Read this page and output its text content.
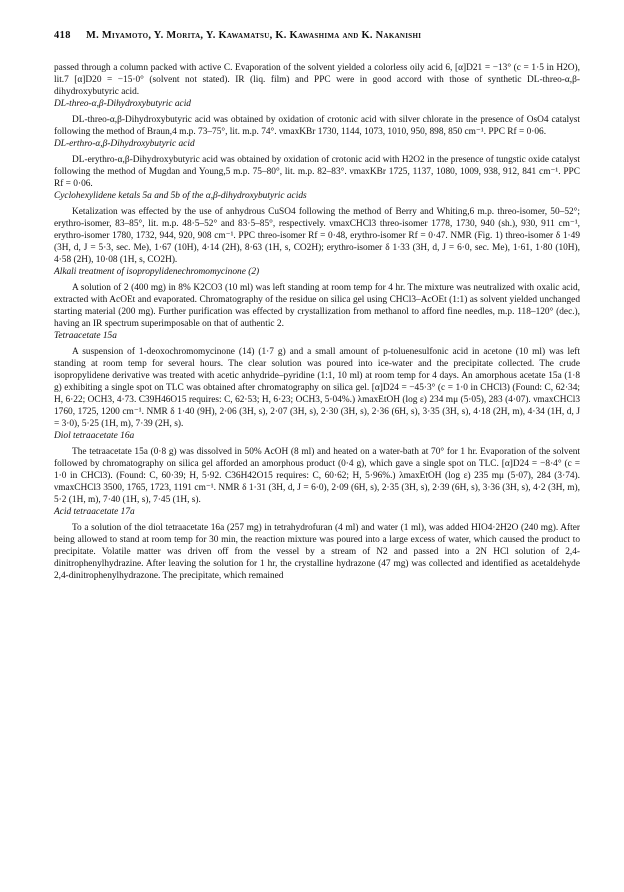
418	M. Miyamoto, Y. Morita, Y. Kawamatsu, K. Kawashima and K. Nakanishi

passed through a column packed with active C. Evaporation of the solvent yielded a colorless oily acid 6, [α]D21 = −13° (c = 1·5 in H2O), lit.7 [α]D20 = −15·0° (solvent not stated). IR (liq. film) and PPC were in good accord with those of synthetic DL-threo-α,β-dihydroxybutyric acid.

DL-threo-α,β-Dihydroxybutyric acid

DL-threo-α,β-Dihydroxybutyric acid was obtained by oxidation of crotonic acid with silver chlorate in the presence of OsO4 catalyst following the method of Braun,4 m.p. 73–75°, lit. m.p. 74°. νmaxKBr 1730, 1144, 1073, 1010, 950, 898, 850 cm⁻¹. PPC Rf = 0·06.

DL-erthro-α,β-Dihydroxybutyric acid

DL-erythro-α,β-Dihydroxybutyric acid was obtained by oxidation of crotonic acid with H2O2 in the presence of tungstic oxide catalyst following the method of Mugdan and Young,5 m.p. 75–80°, lit. m.p. 82–83°. νmaxKBr 1725, 1137, 1080, 1009, 938, 912, 841 cm⁻¹. PPC Rf = 0·06.

Cyclohexylidene ketals 5a and 5b of the α,β-dihydroxybutyric acids

Ketalization was effected by the use of anhydrous CuSO4 following the method of Berry and Whiting,6 m.p. threo-isomer, 50–52°; erythro-isomer, 83–85°, lit. m.p. 48·5–52° and 83·5–85°, respectively. νmaxCHCl3 threo-isomer 1778, 1730, 940 (sh.), 930, 911 cm⁻¹, erythro-isomer 1780, 1732, 944, 920, 908 cm⁻¹. PPC threo-isomer Rf = 0·48, erythro-isomer Rf = 0·47. NMR (Fig. 1) threo-isomer δ 1·49 (3H, d, J = 5·3, sec. Me), 1·67 (10H), 4·14 (2H), 8·63 (1H, s, CO2H); erythro-isomer δ 1·33 (3H, d, J = 6·0, sec. Me), 1·61, 1·80 (10H), 4·58 (2H), 10·08 (1H, s, CO2H).

Alkali treatment of isopropylidenechromomycinone (2)

A solution of 2 (400 mg) in 8% K2CO3 (10 ml) was left standing at room temp for 4 hr. The mixture was neutralized with oxalic acid, extracted with AcOEt and evaporated. Chromatography of the residue on silica gel using CHCl3–AcOEt (1:1) as solvent yielded unchanged starting material (200 mg). Further purification was effected by crystallization from methanol to afford fine needles, m.p. 118–120° (dec.), having an IR spectrum superimposable on that of authentic 2.

Tetraacetate 15a

A suspension of 1-deoxochromomycinone (14) (1·7 g) and a small amount of p-toluenesulfonic acid in acetone (10 ml) was left standing at room temp for several hours. The clear solution was poured into ice-water and the precipitate collected. The crude isopropylidene derivative was treated with acetic anhydride–pyridine (1:1, 10 ml) at room temp for 4 days. An amorphous acetate 15a (1·8 g) exhibiting a single spot on TLC was obtained after chromatography on silica gel. [α]D24 = −45·3° (c = 1·0 in CHCl3) (Found: C, 62·34; H, 6·22; OCH3, 4·73. C39H46O15 requires: C, 62·53; H, 6·23; OCH3, 5·04%.) λmaxEtOH (log ε) 234 mμ (5·05), 283 (4·07). νmaxCHCl3 1760, 1725, 1200 cm⁻¹. NMR δ 1·40 (9H), 2·06 (3H, s), 2·07 (3H, s), 2·30 (3H, s), 2·36 (6H, s), 3·35 (3H, s), 4·18 (2H, m), 4·34 (1H, d, J = 3·0), 5·25 (1H, m), 7·39 (2H, s).

Diol tetraacetate 16a

The tetraacetate 15a (0·8 g) was dissolved in 50% AcOH (8 ml) and heated on a water-bath at 70° for 1 hr. Evaporation of the solvent followed by chromatography on silica gel afforded an amorphous product (0·4 g), which gave a single spot on TLC. [α]D24 = −8·4° (c = 1·0 in CHCl3). (Found: C, 60·39; H, 5·92. C36H42O15 requires: C, 60·62; H, 5·96%.) λmaxEtOH (log ε) 235 mμ (5·07), 284 (3·74). νmaxCHCl3 3500, 1765, 1723, 1191 cm⁻¹. NMR δ 1·31 (3H, d, J = 6·0), 2·09 (6H, s), 2·35 (3H, s), 2·39 (6H, s), 3·36 (3H, s), 4·2 (3H, m), 5·2 (1H, m), 7·40 (1H, s), 7·45 (1H, s).

Acid tetraacetate 17a

To a solution of the diol tetraacetate 16a (257 mg) in tetrahydrofuran (4 ml) and water (1 ml), was added HIO4·2H2O (240 mg). After being allowed to stand at room temp for 30 min, the reaction mixture was poured into a large excess of water, which caused the product to precipitate. Volatile matter was driven off from the vessel by a stream of N2 and passed into a 2N HCl solution of 2,4-dinitrophenylhydrazine. After leaving the solution for 1 hr, the crystalline hydrazone (47 mg) was collected and identified as acetaldehyde 2,4-dinitrophenylhydrazone. The precipitate, which remained
